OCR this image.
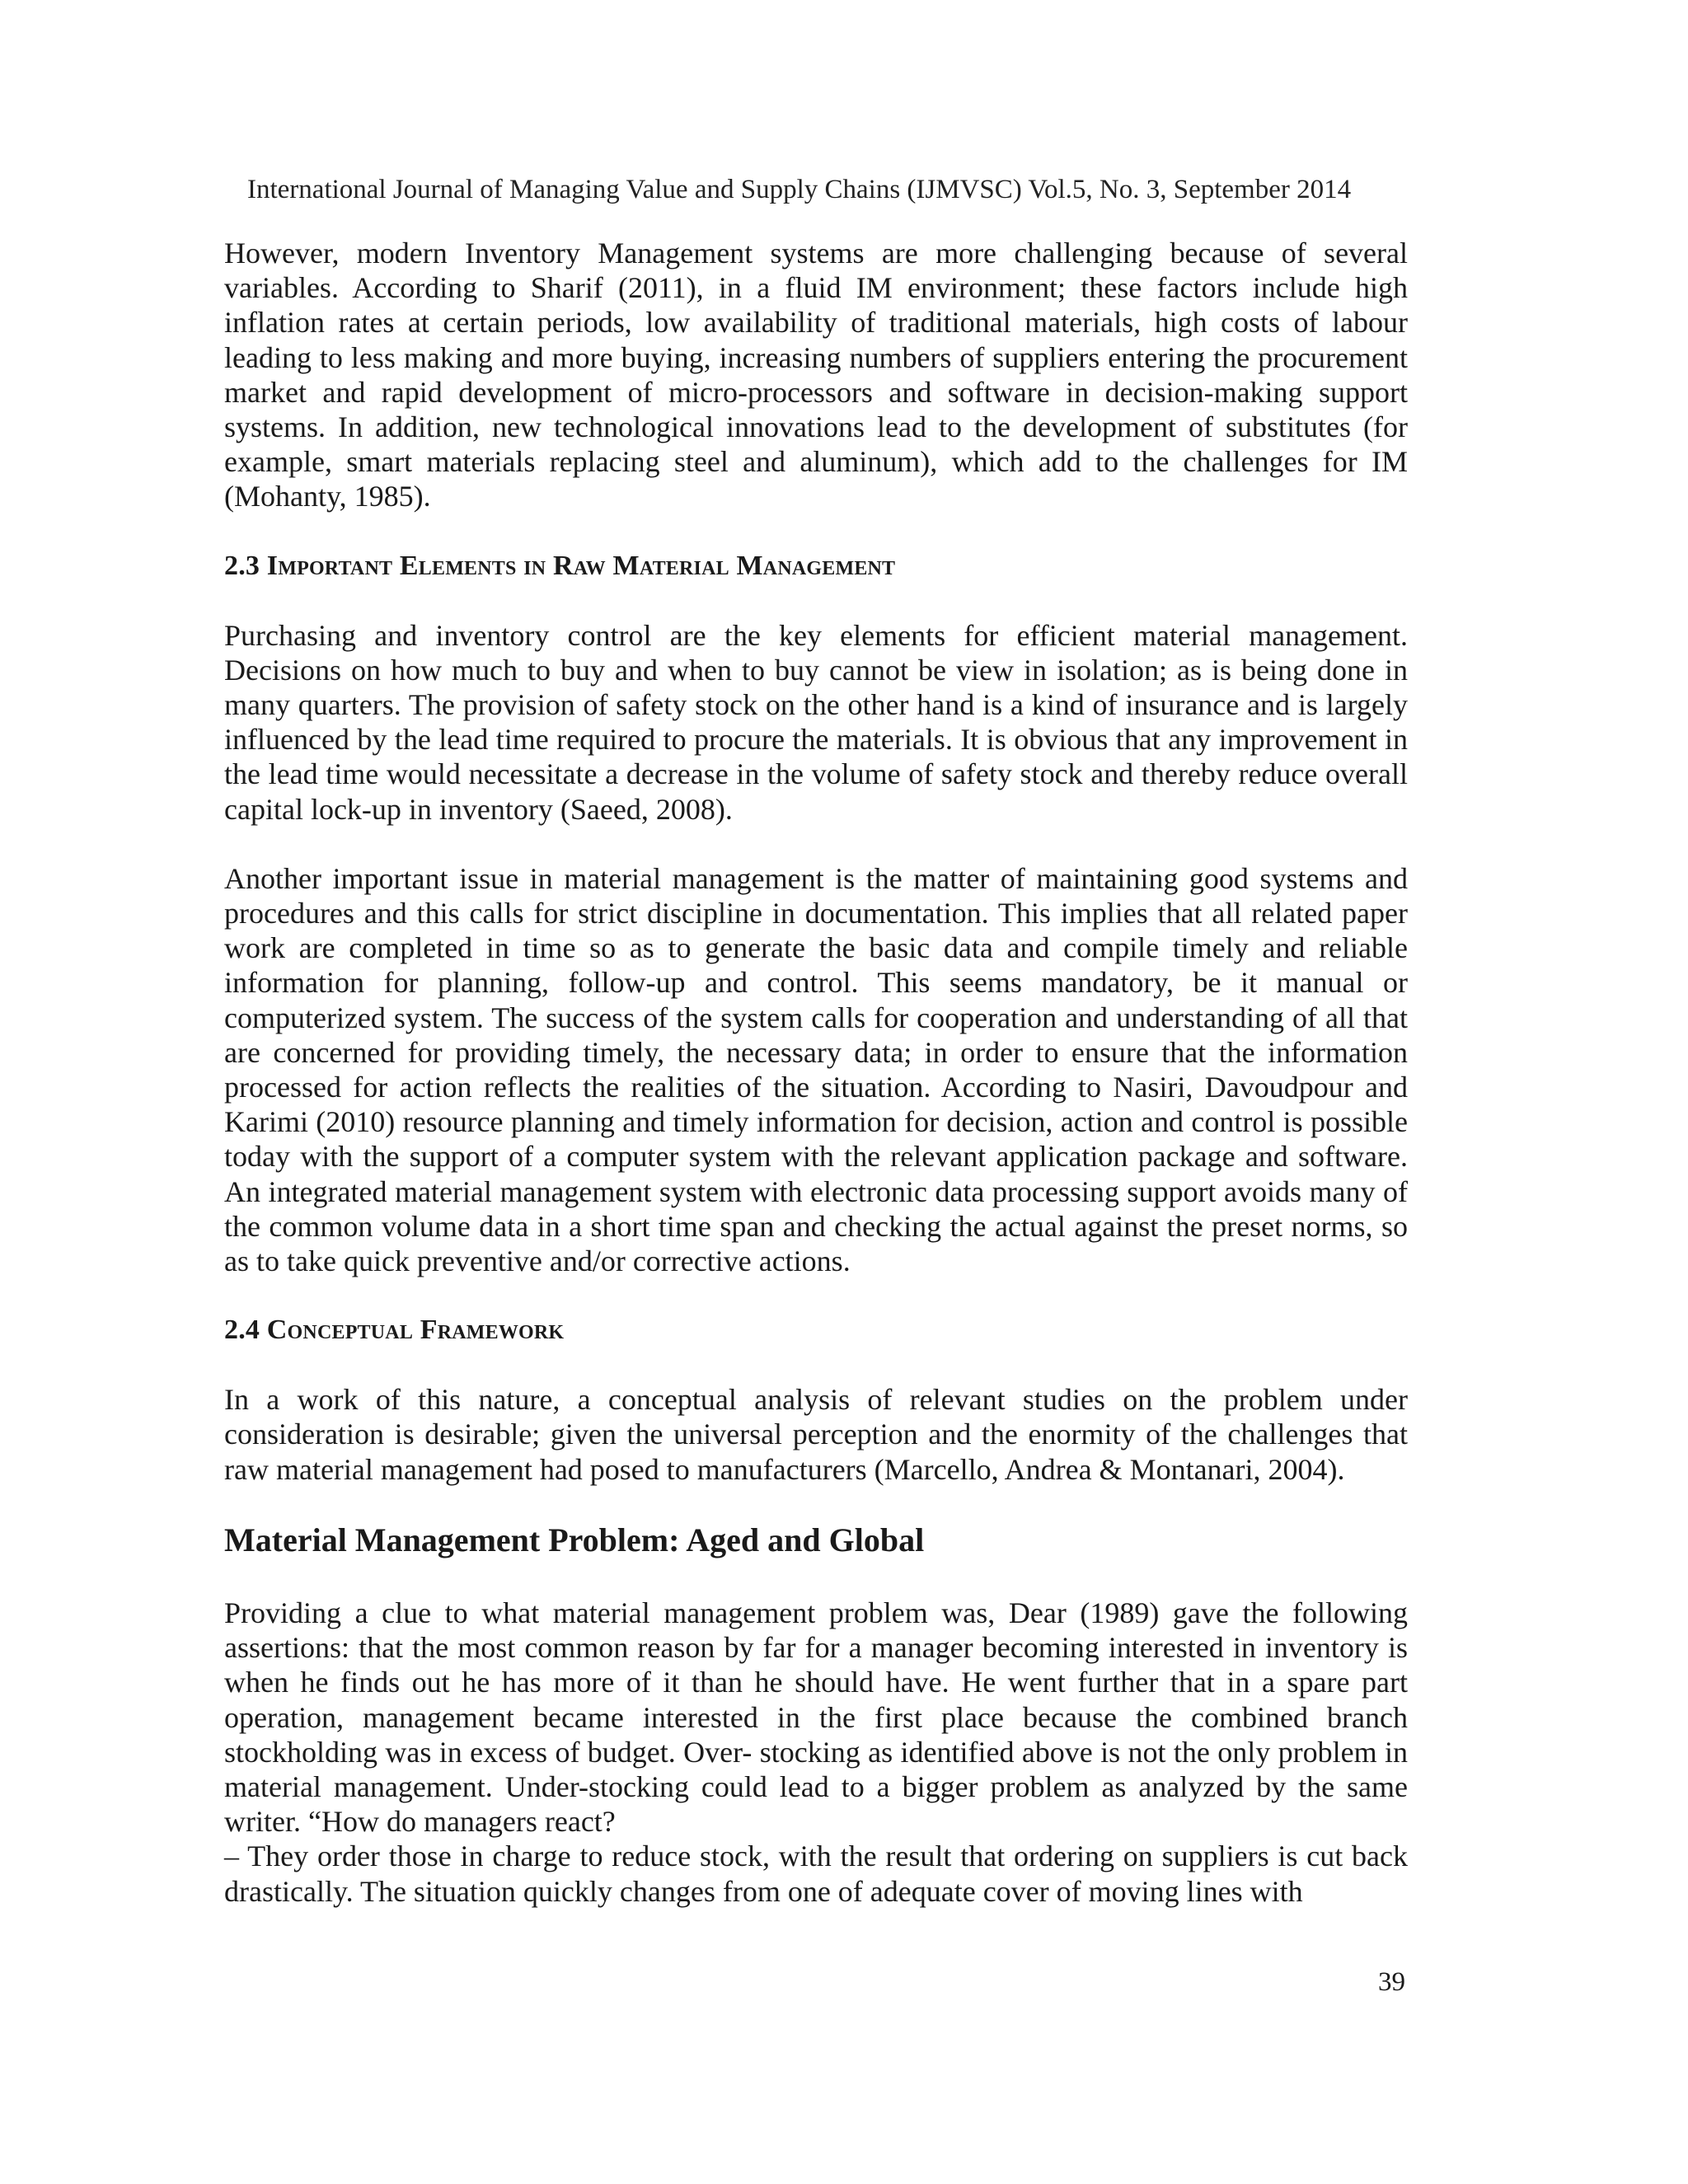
International Journal of Managing Value and Supply Chains (IJMVSC) Vol.5, No. 3, September 2014

However, modern Inventory Management systems are more challenging because of several variables. According to Sharif (2011), in a fluid IM environment; these factors include high inflation rates at certain periods, low availability of traditional materials, high costs of labour leading to less making and more buying, increasing numbers of suppliers entering the procurement market and rapid development of micro-processors and software in decision-making support systems. In addition, new technological innovations lead to the development of substitutes (for example, smart materials replacing steel and aluminum), which add to the challenges for IM (Mohanty, 1985).

2.3 Important Elements in Raw Material Management

Purchasing and inventory control are the key elements for efficient material management. Decisions on how much to buy and when to buy cannot be view in isolation; as is being done in many quarters. The provision of safety stock on the other hand is a kind of insurance and is largely influenced by the lead time required to procure the materials. It is obvious that any improvement in the lead time would necessitate a decrease in the volume of safety stock and thereby reduce overall capital lock-up in inventory (Saeed, 2008).

Another important issue in material management is the matter of maintaining good systems and procedures and this calls for strict discipline in documentation. This implies that all related paper work are completed in time so as to generate the basic data and compile timely and reliable information for planning, follow-up and control. This seems mandatory, be it manual or computerized system. The success of the system calls for cooperation and understanding of all that are concerned for providing timely, the necessary data; in order to ensure that the information processed for action reflects the realities of the situation. According to Nasiri, Davoudpour and Karimi (2010) resource planning and timely information for decision, action and control is possible today with the support of a computer system with the relevant application package and software. An integrated material management system with electronic data processing support avoids many of the common volume data in a short time span and checking the actual against the preset norms, so as to take quick preventive and/or corrective actions.

2.4 Conceptual Framework

In a work of this nature, a conceptual analysis of relevant studies on the problem under consideration is desirable; given the universal perception and the enormity of the challenges that raw material management had posed to manufacturers (Marcello, Andrea & Montanari, 2004).

Material Management Problem: Aged and Global

Providing a clue to what material management problem was, Dear (1989) gave the following assertions: that the most common reason by far for a manager becoming interested in inventory is when he finds out he has more of it than he should have. He went further that in a spare part operation, management became interested in the first place because the combined branch stockholding was in excess of budget. Over- stocking as identified above is not the only problem in material management. Under-stocking could lead to a bigger problem as analyzed by the same writer. “How do managers react?

– They order those in charge to reduce stock, with the result that ordering on suppliers is cut back drastically. The situation quickly changes from one of adequate cover of moving lines with

39
